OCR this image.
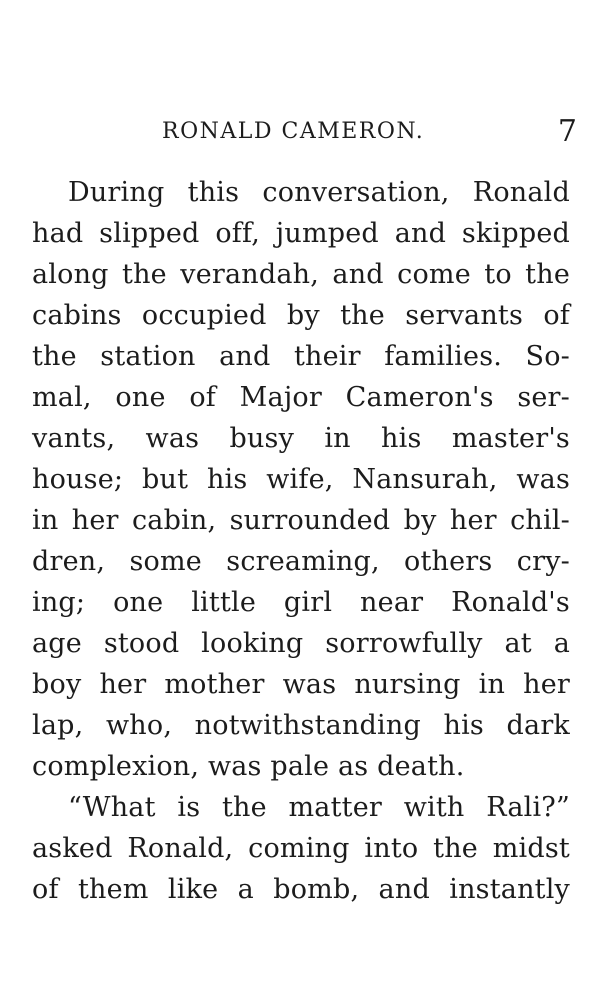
RONALD CAMERON.	7
During this conversation, Ronald
had slipped off, jumped and skipped
along the verandah, and come to the
cabins occupied by the servants of
the station and their families. So-
mal, one of Major Cameron's ser-
vants, was busy in his master's
house; but his wife, Nansurah, was
in her cabin, surrounded by her chil-
dren, some screaming, others cry-
ing; one little girl near Ronald's
age stood looking sorrowfully at a
boy her mother was nursing in her
lap, who, notwithstanding his dark
complexion, was pale as death.
“What is the matter with Rali?”
asked Ronald, coming into the midst
of them like a bomb, and instantly
